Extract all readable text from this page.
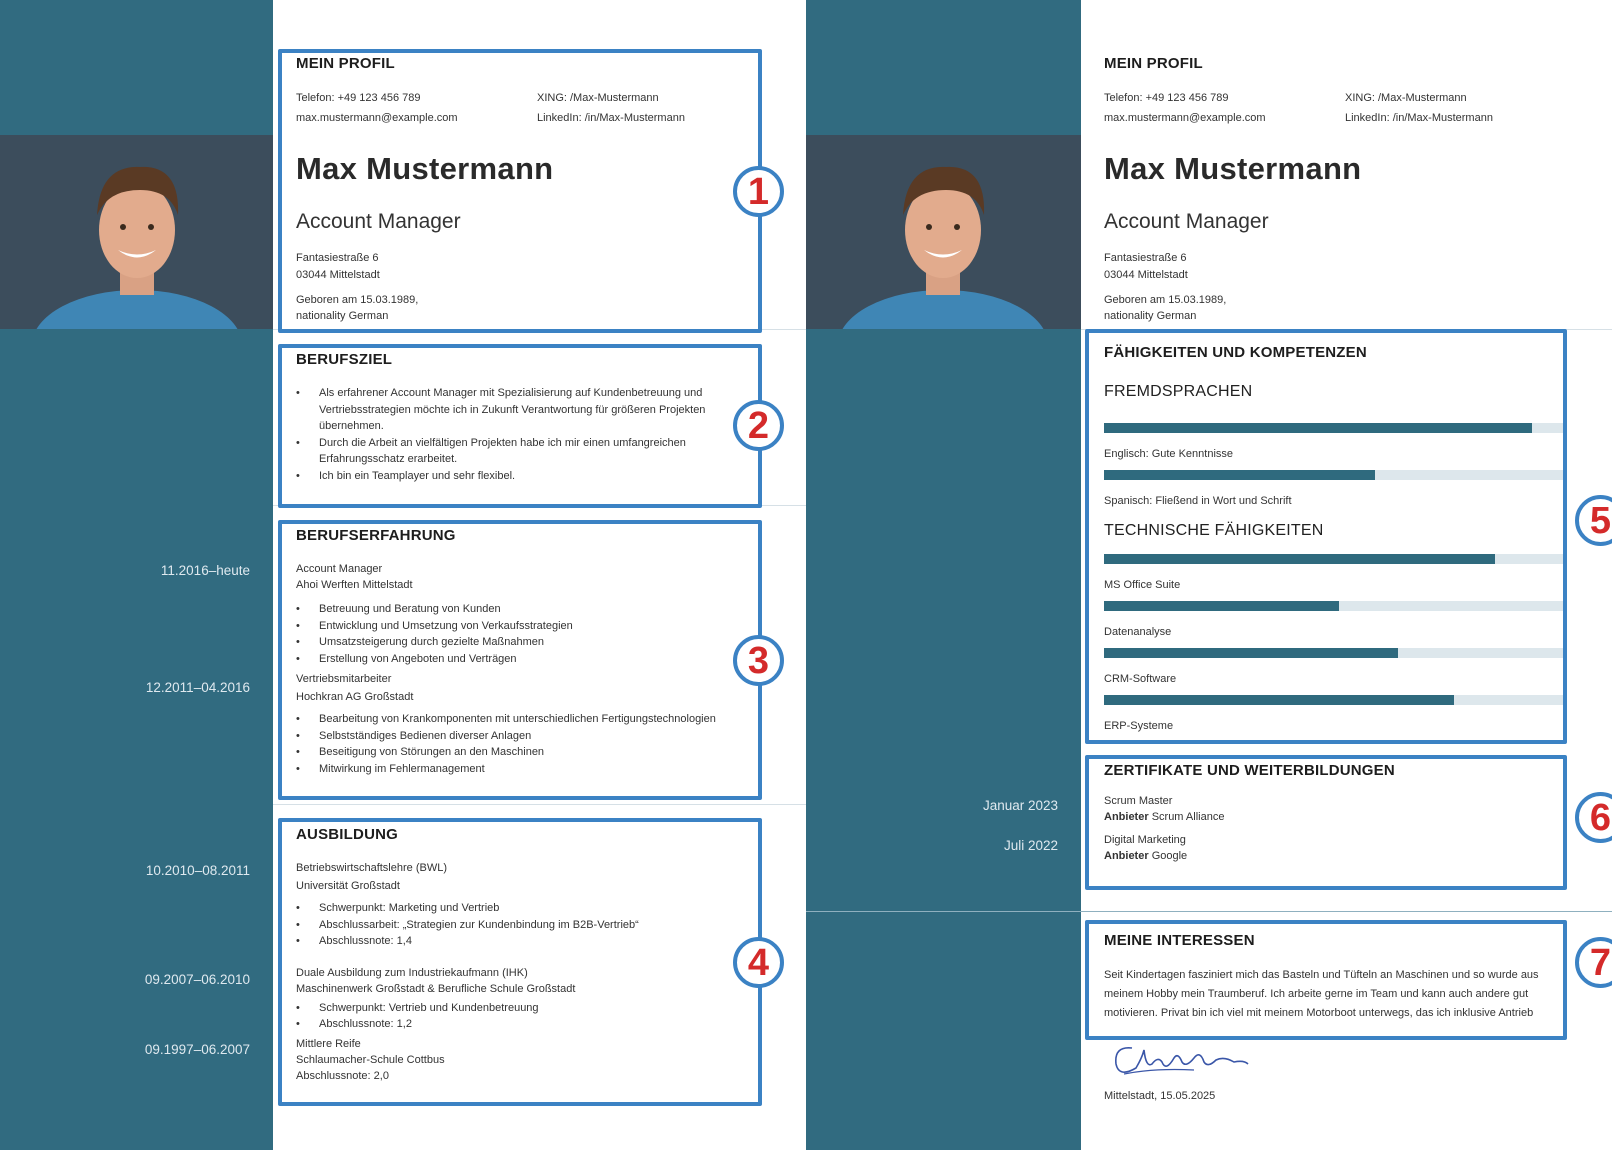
11.2016–heute
12.2011–04.2016
10.2010–08.2011
09.2007–06.2010
09.1997–06.2007
MEIN PROFIL
Telefon: +49 123 456 789
max.mustermann@example.com
XING: /Max-Mustermann
LinkedIn: /in/Max-Mustermann
Max Mustermann
Account Manager
Fantasiestraße 6
03044 Mittelstadt
Geboren am 15.03.1989,
nationality German
BERUFSZIEL
• Als erfahrener Account Manager mit Spezialisierung auf Kundenbetreuung und Vertriebsstrategien möchte ich in Zukunft Verantwortung für größeren Projekten übernehmen.
• Durch die Arbeit an vielfältigen Projekten habe ich mir einen umfangreichen Erfahrungsschatz erarbeitet.
• Ich bin ein Teamplayer und sehr flexibel.
BERUFSERFAHRUNG
Account Manager
Ahoi Werften Mittelstadt
• Betreuung und Beratung von Kunden
• Entwicklung und Umsetzung von Verkaufsstrategien
• Umsatzsteigerung durch gezielte Maßnahmen
• Erstellung von Angeboten und Verträgen
Vertriebsmitarbeiter
Hochkran AG Großstadt
• Bearbeitung von Krankomponenten mit unterschiedlichen Fertigungstechnologien
• Selbstständiges Bedienen diverser Anlagen
• Beseitigung von Störungen an den Maschinen
• Mitwirkung im Fehlermanagement
AUSBILDUNG
Betriebswirtschaftslehre (BWL)
Universität Großstadt
• Schwerpunkt: Marketing und Vertrieb
• Abschlussarbeit: „Strategien zur Kundenbindung im B2B-Vertrieb“
• Abschlussnote: 1,4
Duale Ausbildung zum Industriekaufmann (IHK)
Maschinenwerk Großstadt & Berufliche Schule Großstadt
• Schwerpunkt: Vertrieb und Kundenbetreuung
• Abschlussnote: 1,2
Mittlere Reife
Schlaumacher-Schule Cottbus
Abschlussnote: 2,0
1
2
3
4
Januar 2023
Juli 2022
MEIN PROFIL
Telefon: +49 123 456 789
max.mustermann@example.com
XING: /Max-Mustermann
LinkedIn: /in/Max-Mustermann
Max Mustermann
Account Manager
Fantasiestraße 6
03044 Mittelstadt
Geboren am 15.03.1989,
nationality German
FÄHIGKEITEN UND KOMPETENZEN
FREMDSPRACHEN
Englisch: Gute Kenntnisse
Spanisch: Fließend in Wort und Schrift
TECHNISCHE FÄHIGKEITEN
MS Office Suite
Datenanalyse
CRM-Software
ERP-Systeme
ZERTIFIKATE UND WEITERBILDUNGEN
Scrum Master
Anbieter Scrum Alliance
Digital Marketing
Anbieter Google
MEINE INTERESSEN
Seit Kindertagen fasziniert mich das Basteln und Tüfteln an Maschinen und so wurde aus meinem Hobby mein Traumberuf. Ich arbeite gerne im Team und kann auch andere gut motivieren. Privat bin ich viel mit meinem Motorboot unterwegs, das ich inklusive Antrieb
Mittelstadt, 15.05.2025
5
6
7
